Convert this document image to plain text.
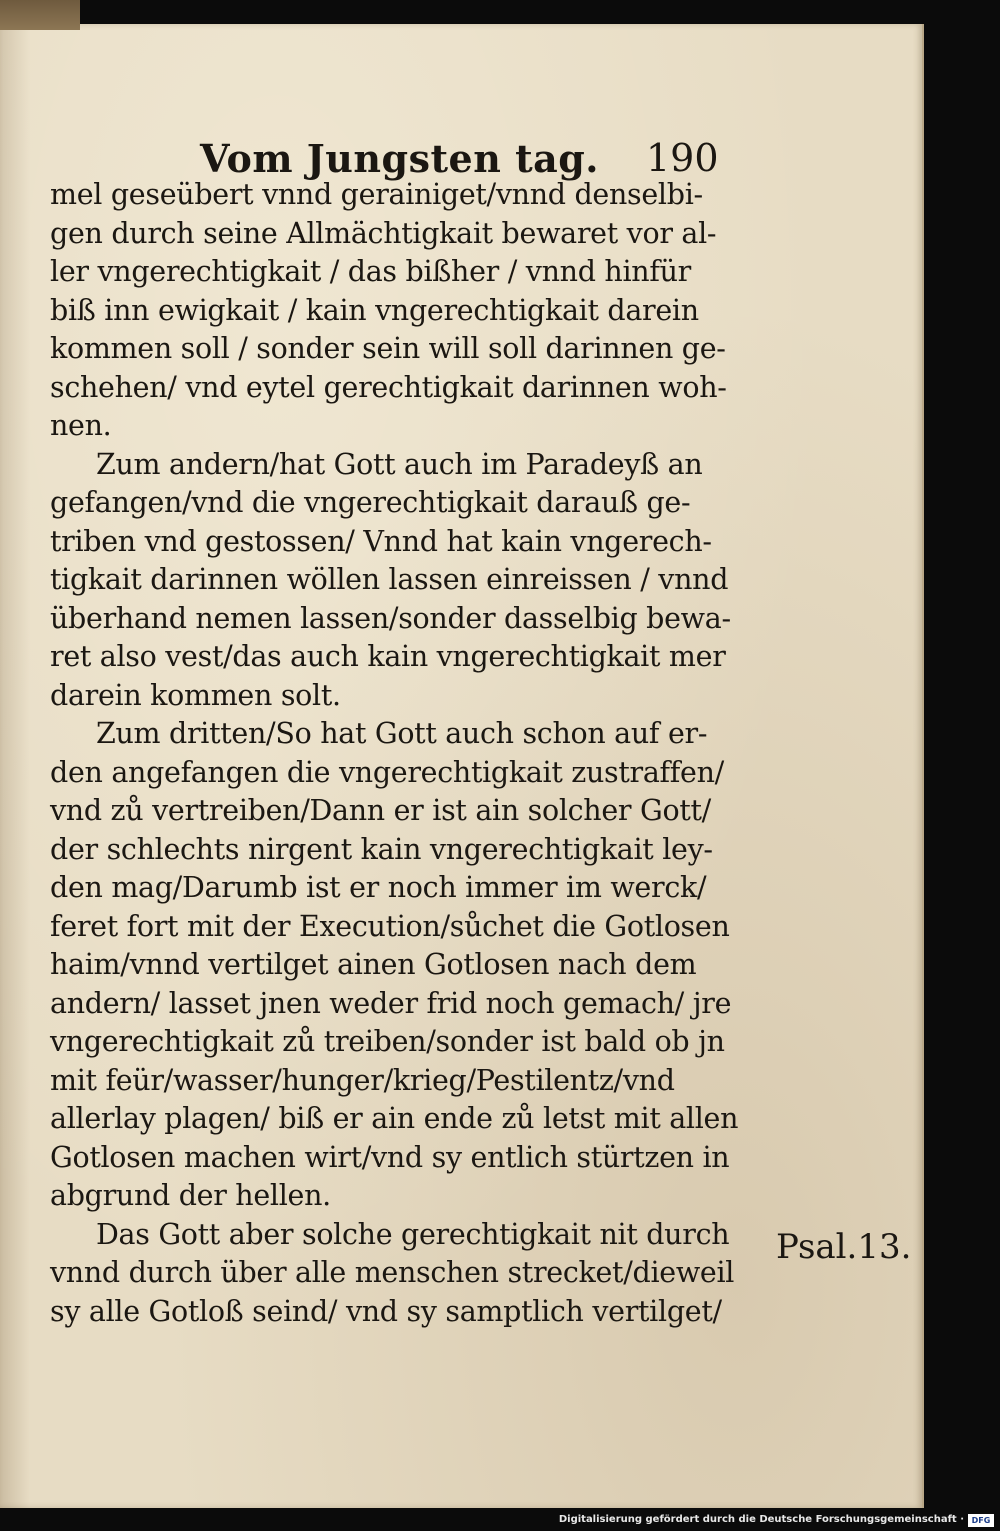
Vom Jungsten tag. 190
mel geseübert vnnd gerainiget/vnnd denselbi-
gen durch seine Allmächtigkait bewaret vor al-
ler vngerechtigkait / das bißher / vnnd hinfür
biß inn ewigkait / kain vngerechtigkait darein
kommen soll / sonder sein will soll darinnen ge-
schehen/ vnd eytel gerechtigkait darinnen woh-
nen.
Zum andern/hat Gott auch im Paradeyß an
gefangen/vnd die vngerechtigkait darauß ge-
triben vnd gestossen/ Vnnd hat kain vngerech-
tigkait darinnen wöllen lassen einreissen / vnnd
überhand nemen lassen/sonder dasselbig bewa-
ret also vest/das auch kain vngerechtigkait mer
darein kommen solt.
Zum dritten/So hat Gott auch schon auf er-
den angefangen die vngerechtigkait zustraffen/
vnd zů vertreiben/Dann er ist ain solcher Gott/
der schlechts nirgent kain vngerechtigkait ley-
den mag/Darumb ist er noch immer im werck/
feret fort mit der Execution/sůchet die Gotlosen
haim/vnnd vertilget ainen Gotlosen nach dem
andern/ lasset jnen weder frid noch gemach/ jre
vngerechtigkait zů treiben/sonder ist bald ob jn
mit feür/wasser/hunger/krieg/Pestilentz/vnd
allerlay plagen/ biß er ain ende zů letst mit allen
Gotlosen machen wirt/vnd sy entlich stürtzen in
abgrund der hellen.
Das Gott aber solche gerechtigkait nit durch
vnnd durch über alle menschen strecket/dieweil
sy alle Gotloß seind/ vnd sy samptlich vertilget/
Psal.13.
Digitalisierung gefördert durch die Deutsche Forschungsgemeinschaft · DFG
